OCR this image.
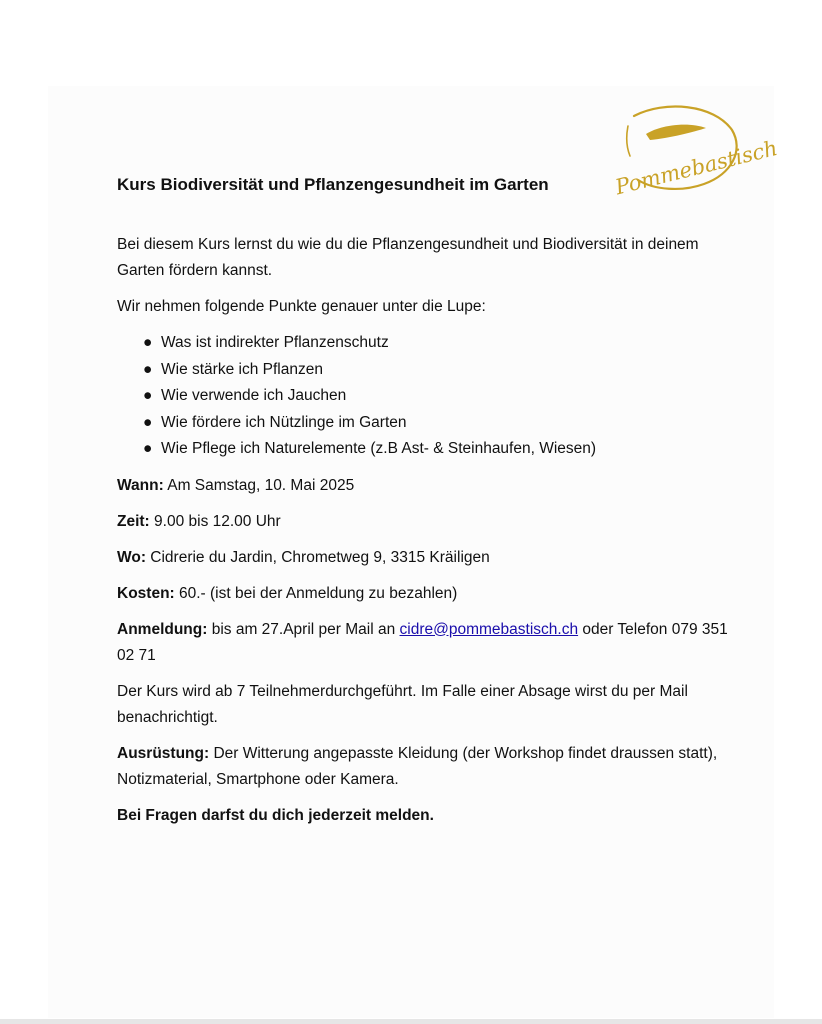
Pommebastisch
Kurs Biodiversität und Pflanzengesundheit im Garten

Bei diesem Kurs lernst du wie du die Pflanzengesundheit und Biodiversität in deinem Garten fördern kannst.

Wir nehmen folgende Punkte genauer unter die Lupe:

● Was ist indirekter Pflanzenschutz
● Wie stärke ich Pflanzen
● Wie verwende ich Jauchen
● Wie fördere ich Nützlinge im Garten
● Wie Pflege ich Naturelemente (z.B Ast- & Steinhaufen, Wiesen)

Wann: Am Samstag, 10. Mai 2025

Zeit: 9.00 bis 12.00 Uhr

Wo: Cidrerie du Jardin, Chrometweg 9, 3315 Kräiligen

Kosten: 60.- (ist bei der Anmeldung zu bezahlen)

Anmeldung: bis am 27.April per Mail an cidre@pommebastisch.ch oder Telefon 079 351 02 71

Der Kurs wird ab 7 Teilnehmerdurchgeführt. Im Falle einer Absage wirst du per Mail benachrichtigt.

Ausrüstung: Der Witterung angepasste Kleidung (der Workshop findet draussen statt), Notizmaterial, Smartphone oder Kamera.

Bei Fragen darfst du dich jederzeit melden.
